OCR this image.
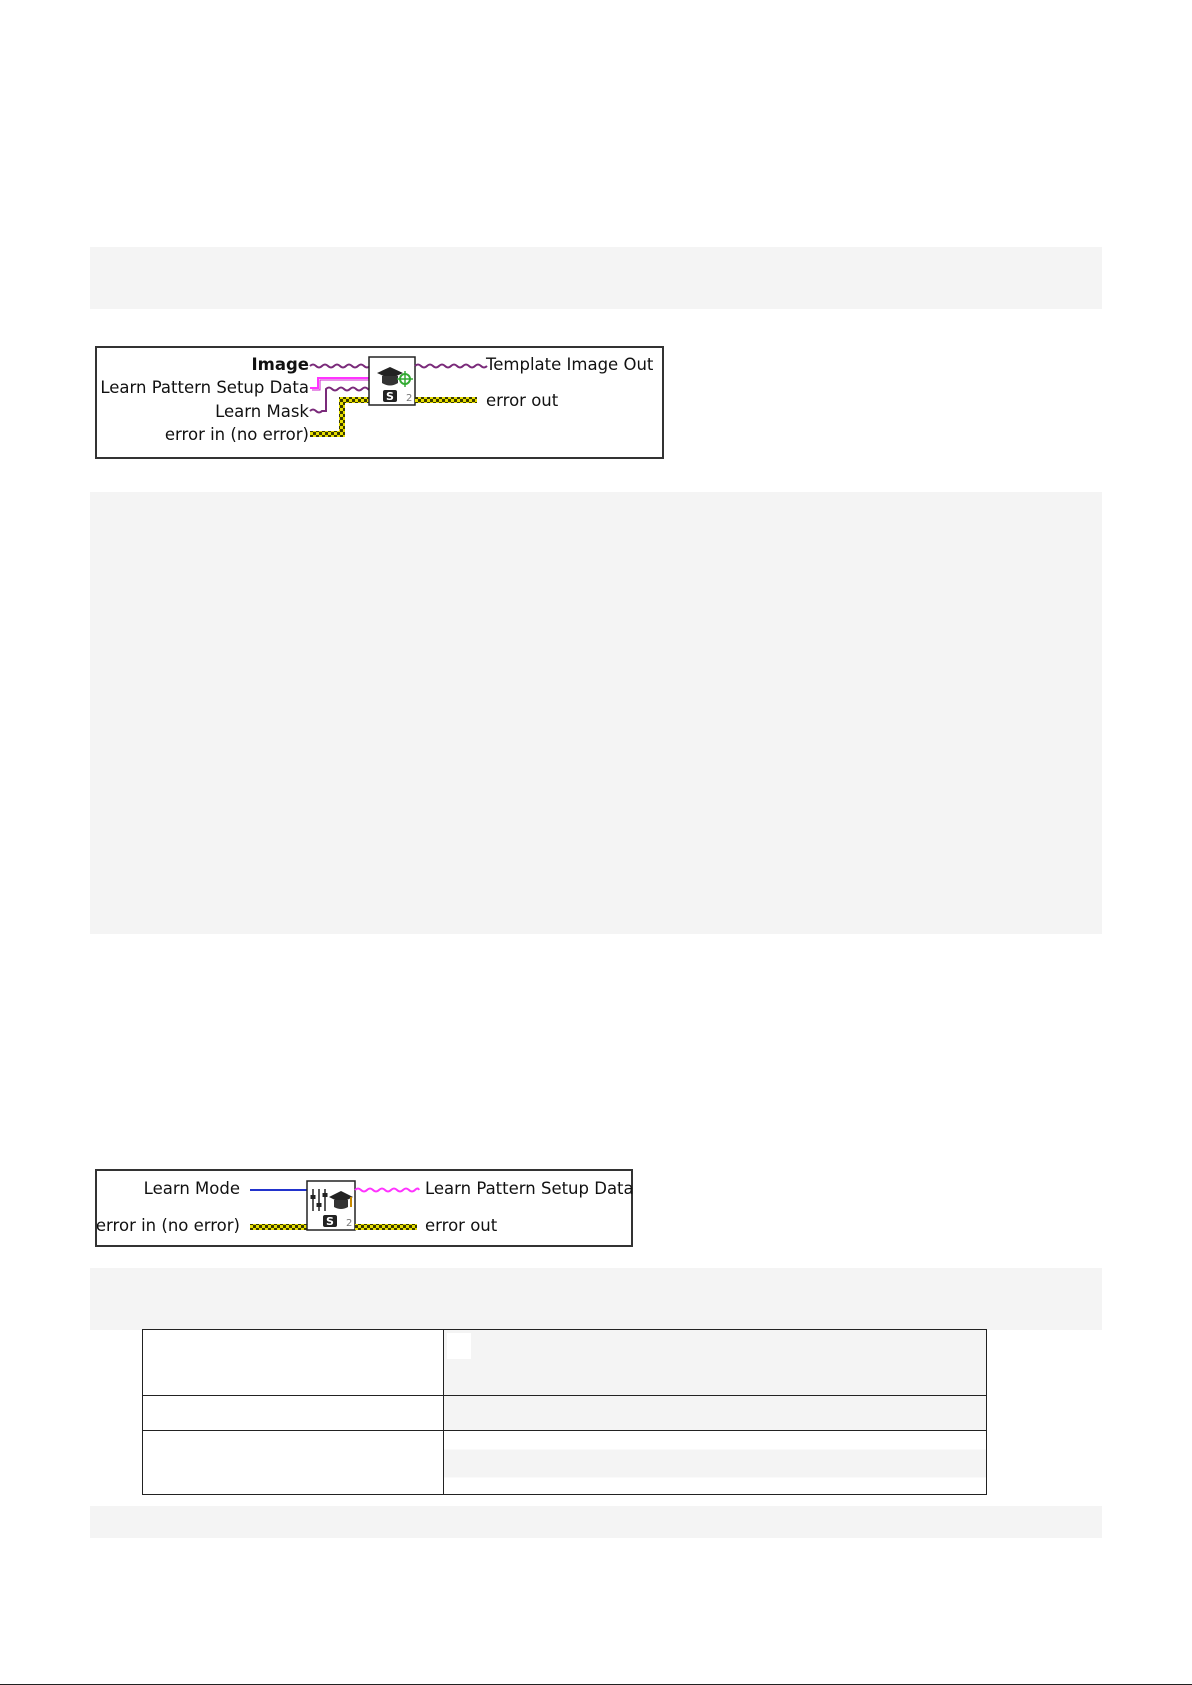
S 2
Image
Learn Pattern Setup Data
Learn Mask
error in (no error)
Template Image Out
error out
S 2
Learn Mode
error in (no error)
Learn Pattern Setup Data
error out
